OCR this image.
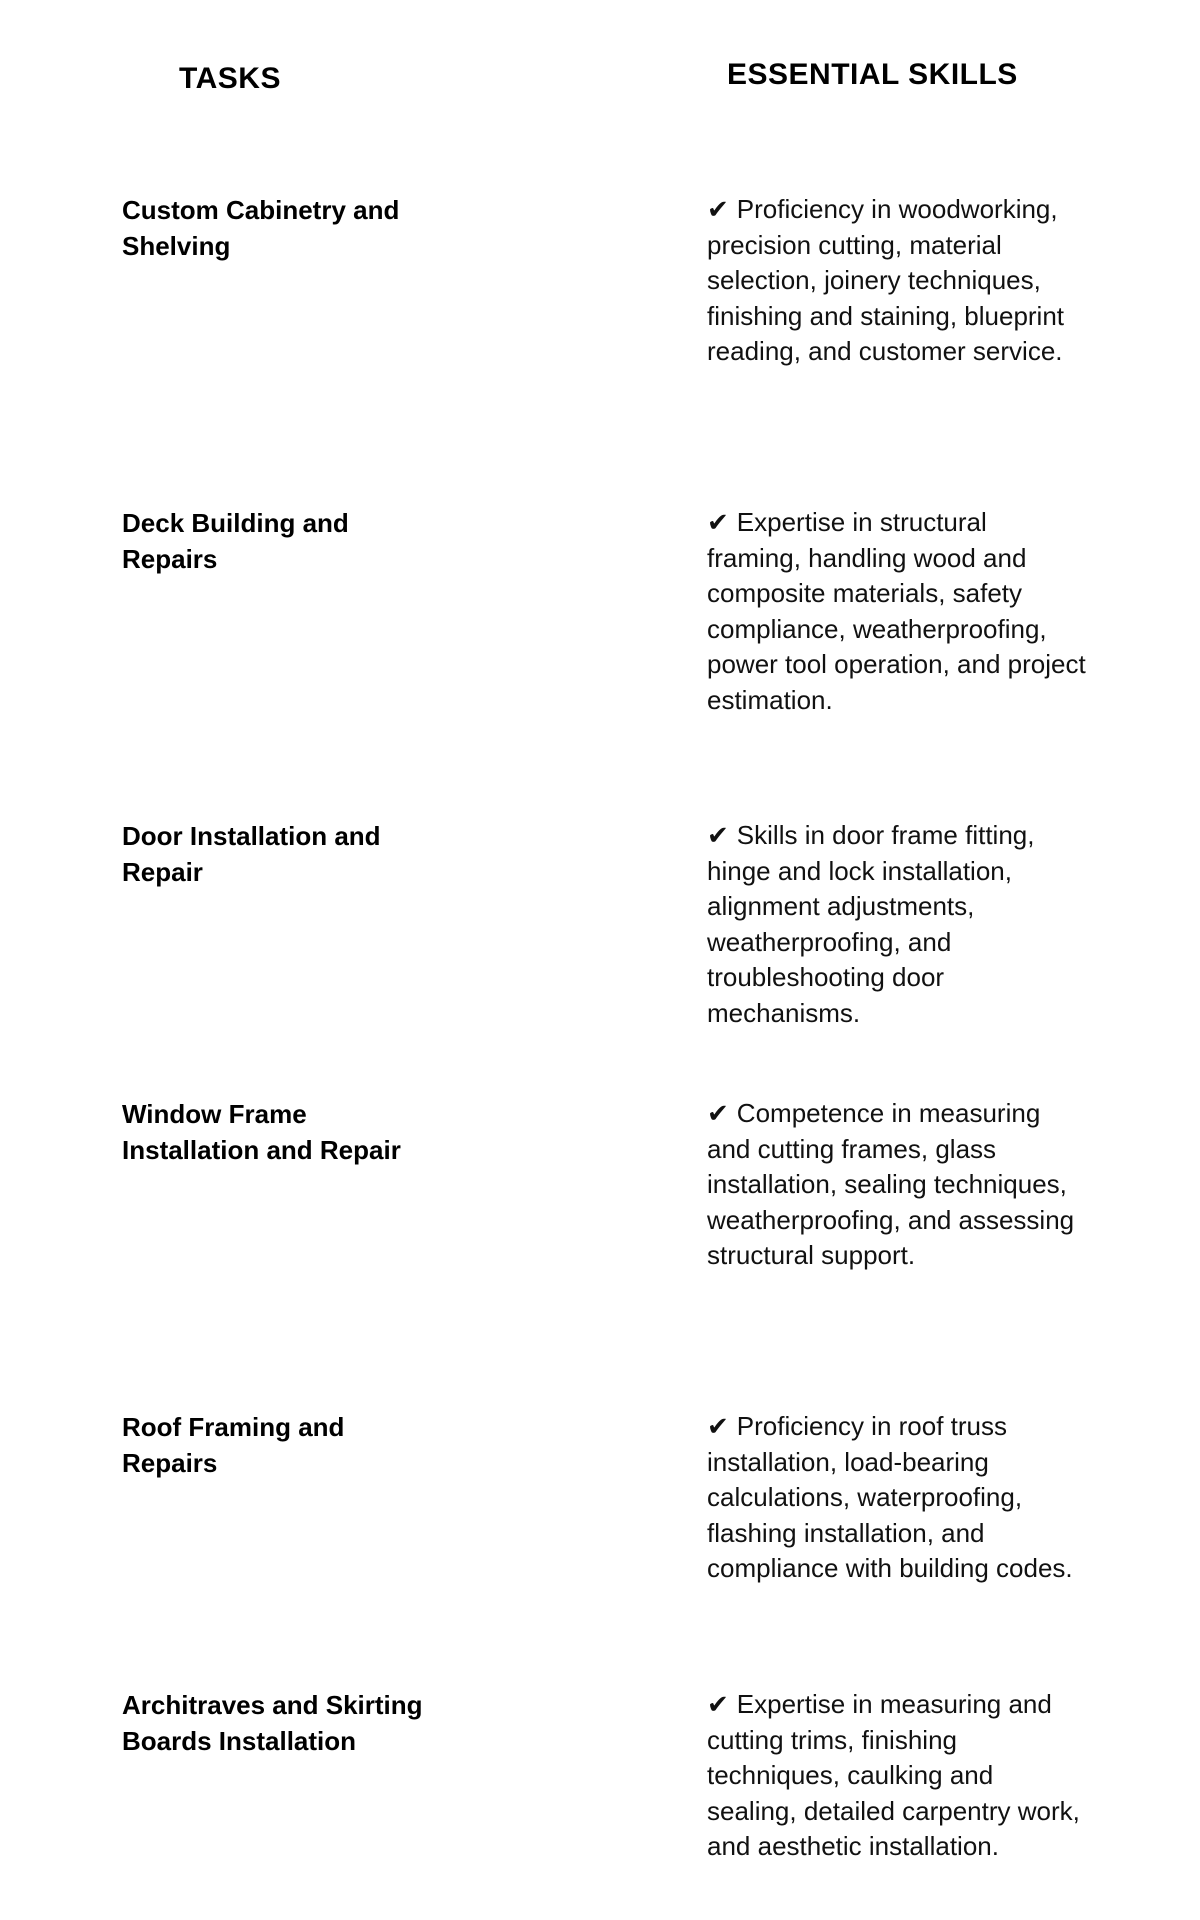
TASKS	ESSENTIAL SKILLS
Custom Cabinetry and Shelving
✔ Proficiency in woodworking, precision cutting, material selection, joinery techniques, finishing and staining, blueprint reading, and customer service.
Deck Building and Repairs
✔ Expertise in structural framing, handling wood and composite materials, safety compliance, weatherproofing, power tool operation, and project estimation.
Door Installation and Repair
✔ Skills in door frame fitting, hinge and lock installation, alignment adjustments, weatherproofing, and troubleshooting door mechanisms.
Window Frame Installation and Repair
✔ Competence in measuring and cutting frames, glass installation, sealing techniques, weatherproofing, and assessing structural support.
Roof Framing and Repairs
✔ Proficiency in roof truss installation, load-bearing calculations, waterproofing, flashing installation, and compliance with building codes.
Architraves and Skirting Boards Installation
✔ Expertise in measuring and cutting trims, finishing techniques, caulking and sealing, detailed carpentry work, and aesthetic installation.
